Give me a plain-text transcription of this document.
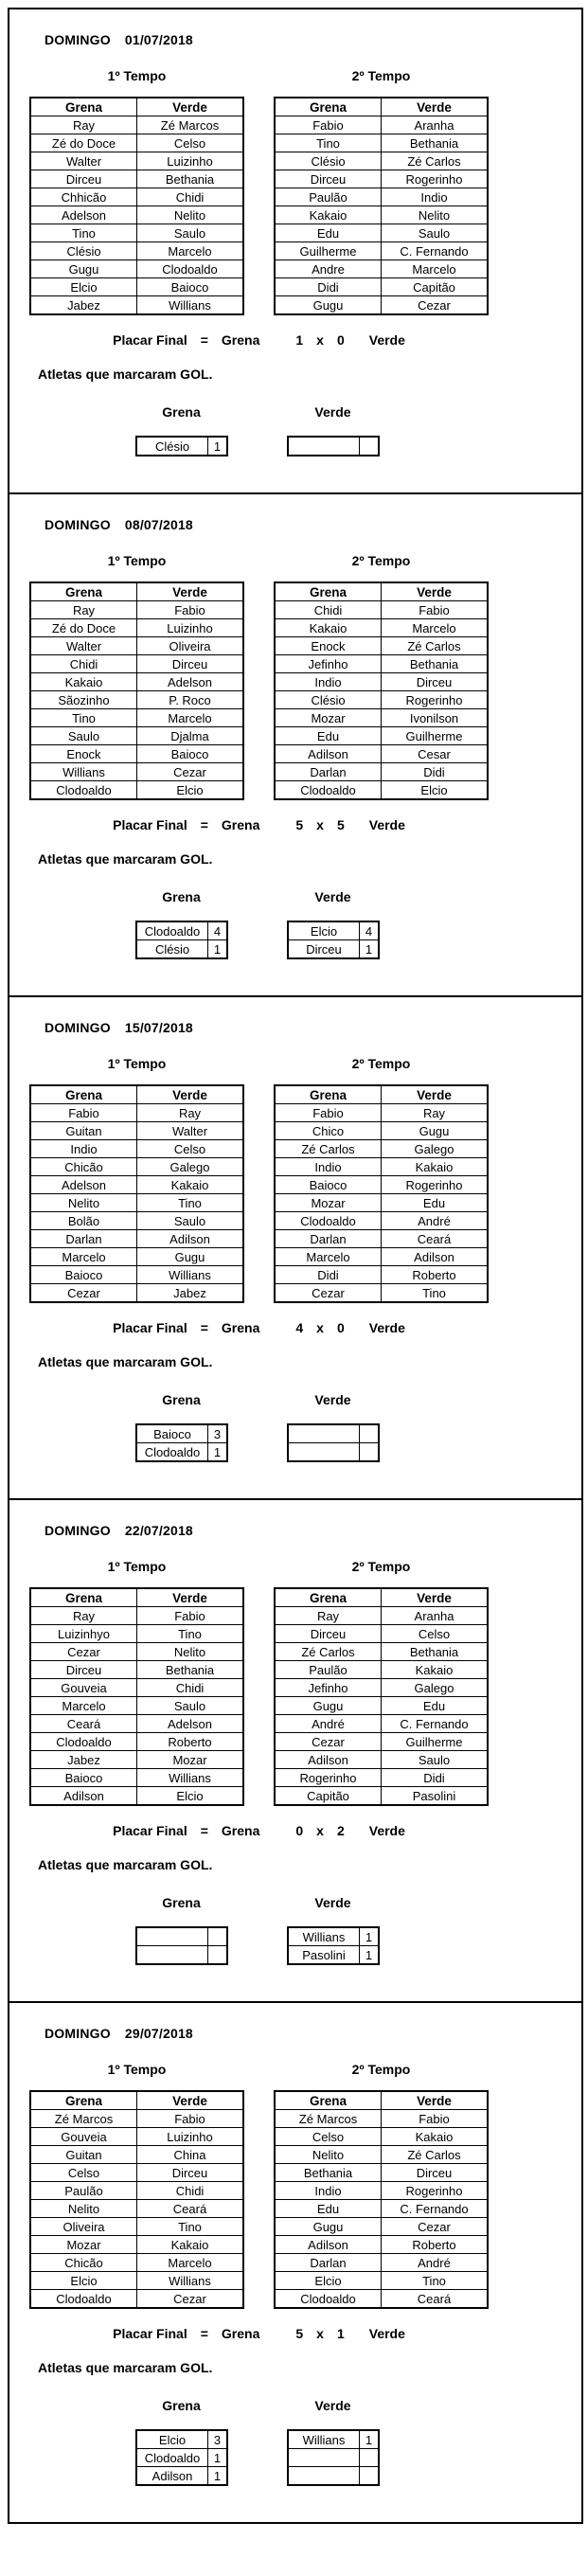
DOMINGO 01/07/2018
1º Tempo
Grena	Verde
Ray	Zé Marcos
Zé do Doce	Celso
Walter	Luizinho
Dirceu	Bethania
Chhicão	Chidi
Adelson	Nelito
Tino	Saulo
Clésio	Marcelo
Gugu	Clodoaldo
Elcio	Baioco
Jabez	Willians
2º Tempo
Grena	Verde
Fabio	Aranha
Tino	Bethania
Clésio	Zé Carlos
Dirceu	Rogerinho
Paulão	Indio
Kakaio	Nelito
Edu	Saulo
Guilherme	C. Fernando
Andre	Marcelo
Didi	Capitão
Gugu	Cezar
Placar Final = Grena	1 x 0 Verde
Atletas que marcaram GOL.
Grena
Clésio	1
Verde

DOMINGO 08/07/2018
1º Tempo
Grena	Verde
Ray	Fabio
Zé do Doce	Luizinho
Walter	Oliveira
Chidi	Dirceu
Kakaio	Adelson
Sãozinho	P. Roco
Tino	Marcelo
Saulo	Djalma
Enock	Baioco
Willians	Cezar
Clodoaldo	Elcio
2º Tempo
Grena	Verde
Chidi	Fabio
Kakaio	Marcelo
Enock	Zé Carlos
Jefinho	Bethania
Indio	Dirceu
Clésio	Rogerinho
Mozar	Ivonilson
Edu	Guilherme
Adilson	Cesar
Darlan	Didi
Clodoaldo	Elcio
Placar Final = Grena	5 x 5 Verde
Atletas que marcaram GOL.
Grena
Clodoaldo	4
Clésio	1
Verde
Elcio	4
Dirceu	1
DOMINGO 15/07/2018
1º Tempo
Grena	Verde
Fabio	Ray
Guitan	Walter
Indio	Celso
Chicão	Galego
Adelson	Kakaio
Nelito	Tino
Bolão	Saulo
Darlan	Adilson
Marcelo	Gugu
Baioco	Willians
Cezar	Jabez
2º Tempo
Grena	Verde
Fabio	Ray
Chico	Gugu
Zé Carlos	Galego
Indio	Kakaio
Baioco	Rogerinho
Mozar	Edu
Clodoaldo	André
Darlan	Ceará
Marcelo	Adilson
Didi	Roberto
Cezar	Tino
Placar Final = Grena	4 x 0 Verde
Atletas que marcaram GOL.
Grena
Baioco	3
Clodoaldo	1
Verde

DOMINGO 22/07/2018
1º Tempo
Grena	Verde
Ray	Fabio
Luizinhyo	Tino
Cezar	Nelito
Dirceu	Bethania
Gouveia	Chidi
Marcelo	Saulo
Ceará	Adelson
Clodoaldo	Roberto
Jabez	Mozar
Baioco	Willians
Adilson	Elcio
2º Tempo
Grena	Verde
Ray	Aranha
Dirceu	Celso
Zé Carlos	Bethania
Paulão	Kakaio
Jefinho	Galego
Gugu	Edu
André	C. Fernando
Cezar	Guilherme
Adilson	Saulo
Rogerinho	Didi
Capitão	Pasolini
Placar Final = Grena	0 x 2 Verde
Atletas que marcaram GOL.
Grena

		Verde
Willians	1
Pasolini	1
DOMINGO 29/07/2018
1º Tempo
Grena	Verde
Zé Marcos	Fabio
Gouveia	Luizinho
Guitan	China
Celso	Dirceu
Paulão	Chidi
Nelito	Ceará
Oliveira	Tino
Mozar	Kakaio
Chicão	Marcelo
Elcio	Willians
Clodoaldo	Cezar
2º Tempo
Grena	Verde
Zé Marcos	Fabio
Celso	Kakaio
Nelito	Zé Carlos
Bethania	Dirceu
Indio	Rogerinho
Edu	C. Fernando
Gugu	Cezar
Adilson	Roberto
Darlan	André
Elcio	Tino
Clodoaldo	Ceará
Placar Final = Grena	5 x 1 Verde
Atletas que marcaram GOL.
Grena
Elcio	3
Clodoaldo	1
Adilson	1
Verde
Willians	1
